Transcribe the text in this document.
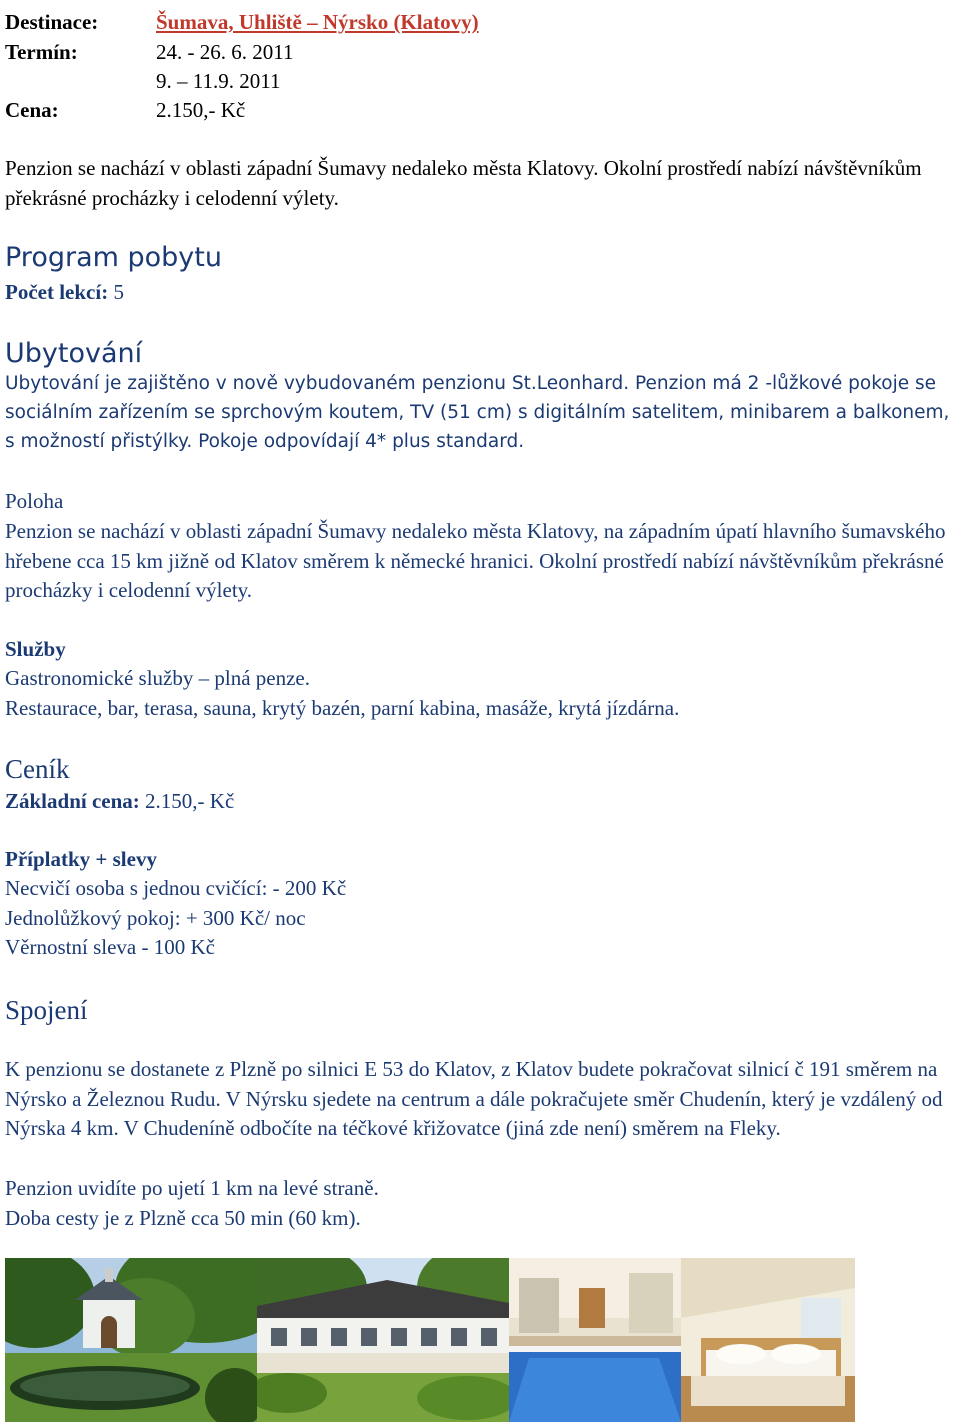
Destinace:	Šumava, Uhliště – Nýrsko (Klatovy)
Termín:	24. - 26. 6. 2011
9. – 11.9. 2011
Cena:	2.150,- Kč
Penzion se nachází v oblasti západní Šumavy nedaleko města Klatovy. Okolní prostředí nabízí návštěvníkům překrásné procházky i celodenní výlety.
Program pobytu
Počet lekcí: 5
Ubytování
Ubytování je zajištěno v nově vybudovaném penzionu St.Leonhard. Penzion má 2 -lůžkové pokoje se sociálním zařízením se sprchovým koutem, TV (51 cm) s digitálním satelitem, minibarem a balkonem, s možností přistýlky. Pokoje odpovídají 4* plus standard.
Poloha
Penzion se nachází v oblasti západní Šumavy nedaleko města Klatovy, na západním úpatí hlavního šumavského hřebene cca 15 km jižně od Klatov směrem k německé hranici. Okolní prostředí nabízí návštěvníkům překrásné procházky i celodenní výlety.
Služby
Gastronomické služby – plná penze.
Restaurace, bar, terasa, sauna, krytý bazén, parní kabina, masáže, krytá jízdárna.
Ceník
Základní cena: 2.150,- Kč
Příplatky + slevy
Necvičí osoba s jednou cvičící: - 200 Kč
Jednolůžkový pokoj: + 300 Kč/ noc
Věrnostní sleva - 100 Kč
Spojení
K penzionu se dostanete z Plzně po silnici E 53 do Klatov, z Klatov budete pokračovat silnicí č 191 směrem na Nýrsko a Železnou Rudu. V Nýrsku sjedete na centrum a dále pokračujete směr Chudenín, který je vzdálený od Nýrska 4 km. V Chudeníně odbočíte na téčkové křižovatce (jiná zde není) směrem na Fleky.
Penzion uvidíte po ujetí 1 km na levé straně.
Doba cesty je z Plzně cca 50 min (60 km).
